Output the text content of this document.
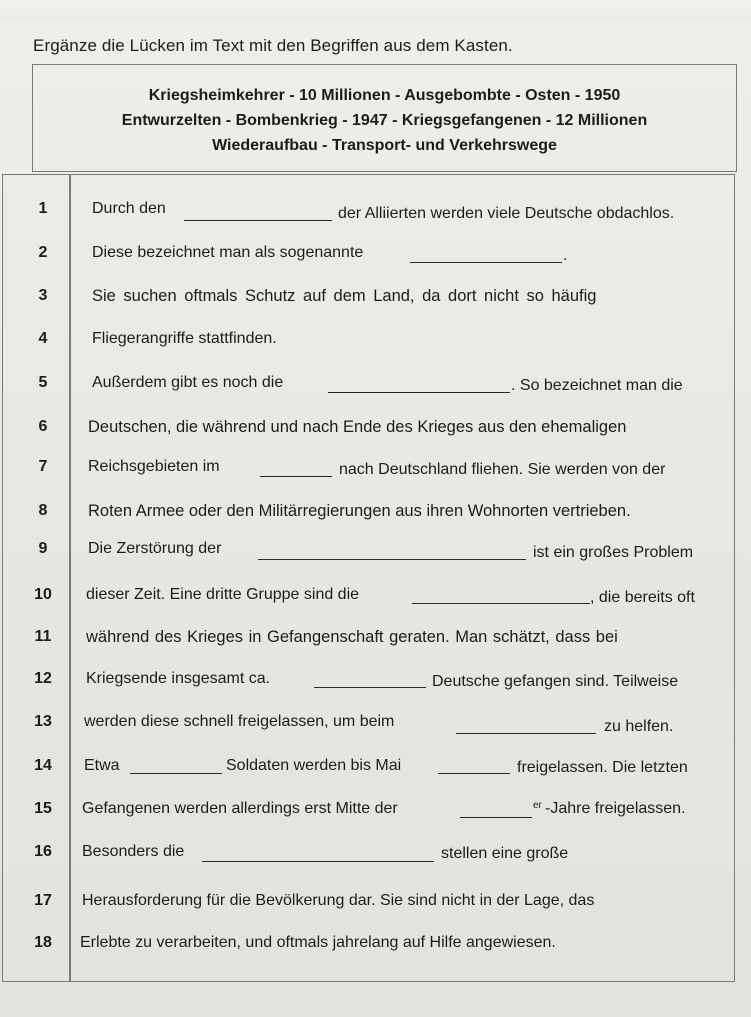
Ergänze die Lücken im Text mit den Begriffen aus dem Kasten.
Kriegsheimkehrer - 10 Millionen - Ausgebombte - Osten - 1950
Entwurzelten - Bombenkrieg - 1947 - Kriegsgefangenen - 12 Millionen
Wiederaufbau - Transport- und Verkehrswege
1	Durch den	der Alliierten werden viele Deutsche obdachlos.
2	Diese bezeichnet man als sogenannte	.
3	Sie suchen oftmals Schutz auf dem Land, da dort nicht so häufig
4	Fliegerangriffe stattfinden.
5	Außerdem gibt es noch die	. So bezeichnet man die
6	Deutschen, die während und nach Ende des Krieges aus den ehemaligen
7	Reichsgebieten im	nach Deutschland fliehen. Sie werden von der
8	Roten Armee oder den Militärregierungen aus ihren Wohnorten vertrieben.
9	Die Zerstörung der	ist ein großes Problem
10	dieser Zeit. Eine dritte Gruppe sind die	, die bereits oft
11	während des Krieges in Gefangenschaft geraten. Man schätzt, dass bei
12	Kriegsende insgesamt ca.	Deutsche gefangen sind. Teilweise
13	werden diese schnell freigelassen, um beim	zu helfen.
14	Etwa	Soldaten werden bis Mai	freigelassen. Die letzten
15	Gefangenen werden allerdings erst Mitte der	er -Jahre freigelassen.
16	Besonders die	stellen eine große
17	Herausforderung für die Bevölkerung dar. Sie sind nicht in der Lage, das
18	Erlebte zu verarbeiten, und oftmals jahrelang auf Hilfe angewiesen.
